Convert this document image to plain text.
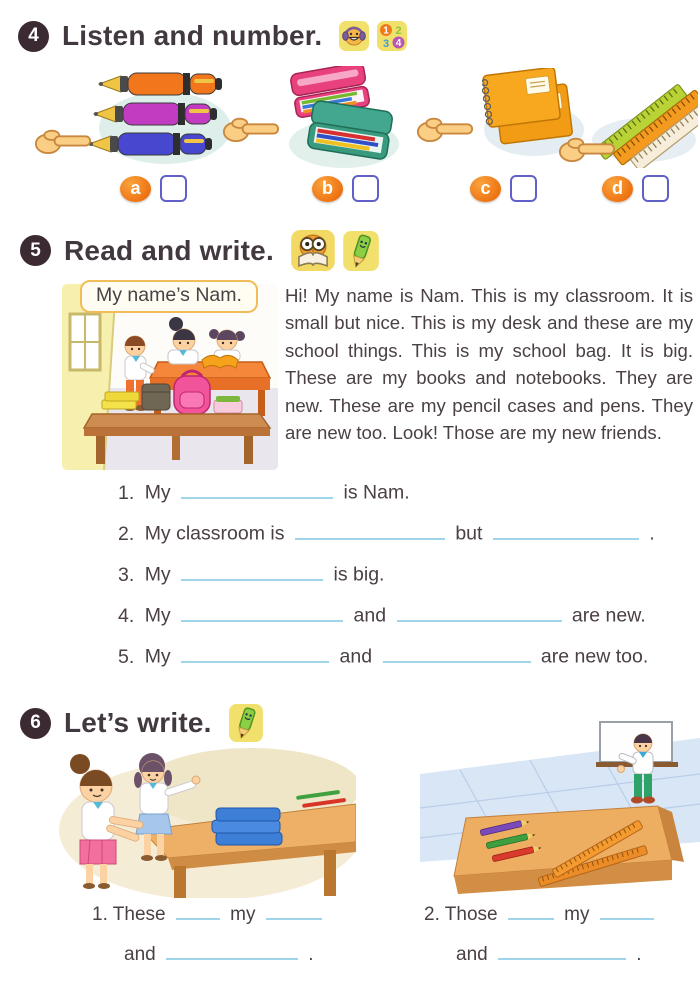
4 Listen and number.	1 2
3 4
a	b	c	d
5 Read and write.
My name’s Nam.	Hi! My name is Nam. This is my classroom. It is small but nice. This is my desk and these are my school things. This is my school bag. It is big. These are my books and notebooks. They are new. These are my pencil cases and pens. They are new too. Look! Those are my new friends.
1. My	is Nam.
2. My classroom is	but	.
3. My	is big.
4. My	and	are new.
5. My	and	are new too.
6 Let’s write.
1. These	my
and	.
2. Those	my
and	.
